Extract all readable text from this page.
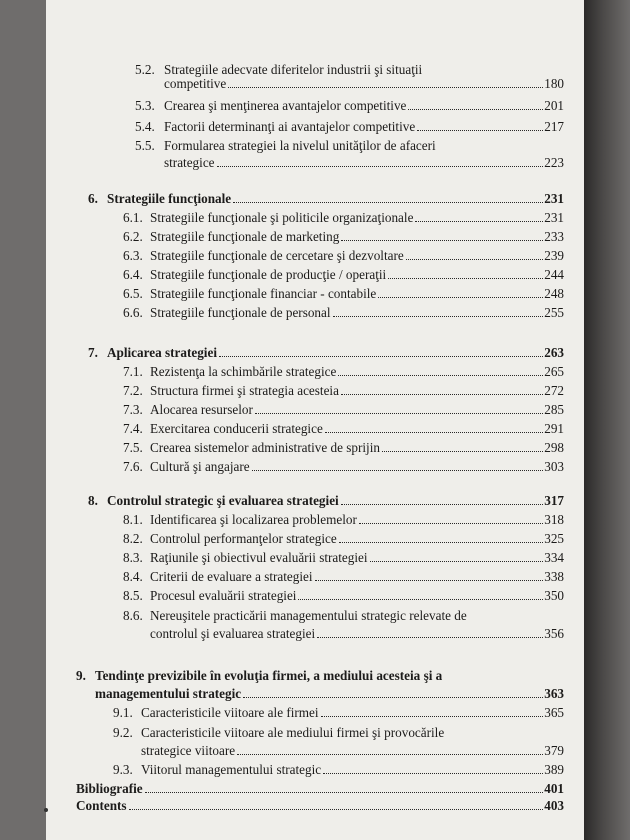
5.2. Strategiile adecvate diferitelor industrii şi situaţii
competitive	180
5.3. Crearea şi menţinerea avantajelor competitive	201
5.4. Factorii determinanţi ai avantajelor competitive	217
5.5. Formularea strategiei la nivelul unităţilor de afaceri
strategice	223
6. Strategiile funcţionale	231
6.1. Strategiile funcţionale şi politicile organizaţionale	231
6.2. Strategiile funcţionale de marketing	233
6.3. Strategiile funcţionale de cercetare şi dezvoltare	239
6.4. Strategiile funcţionale de producţie / operaţii	244
6.5. Strategiile funcţionale financiar - contabile	248
6.6. Strategiile funcţionale de personal	255
7. Aplicarea strategiei	263
7.1. Rezistenţa la schimbările strategice	265
7.2. Structura firmei şi strategia acesteia	272
7.3. Alocarea resurselor	285
7.4. Exercitarea conducerii strategice	291
7.5. Crearea sistemelor administrative de sprijin	298
7.6. Cultură şi angajare	303
8. Controlul strategic şi evaluarea strategiei	317
8.1. Identificarea şi localizarea problemelor	318
8.2. Controlul performanţelor strategice	325
8.3. Raţiunile şi obiectivul evaluării strategiei	334
8.4. Criterii de evaluare a strategiei	338
8.5. Procesul evaluării strategiei	350
8.6. Nereuşitele practicării managementului strategic relevate de
controlul şi evaluarea strategiei	356
9. Tendinţe previzibile în evoluţia firmei, a mediului acesteia şi a
managementului strategic	363
9.1. Caracteristicile viitoare ale firmei	365
9.2. Caracteristicile viitoare ale mediului firmei şi provocările
strategice viitoare	379
9.3. Viitorul managementului strategic	389
Bibliografie	401
Contents	403
